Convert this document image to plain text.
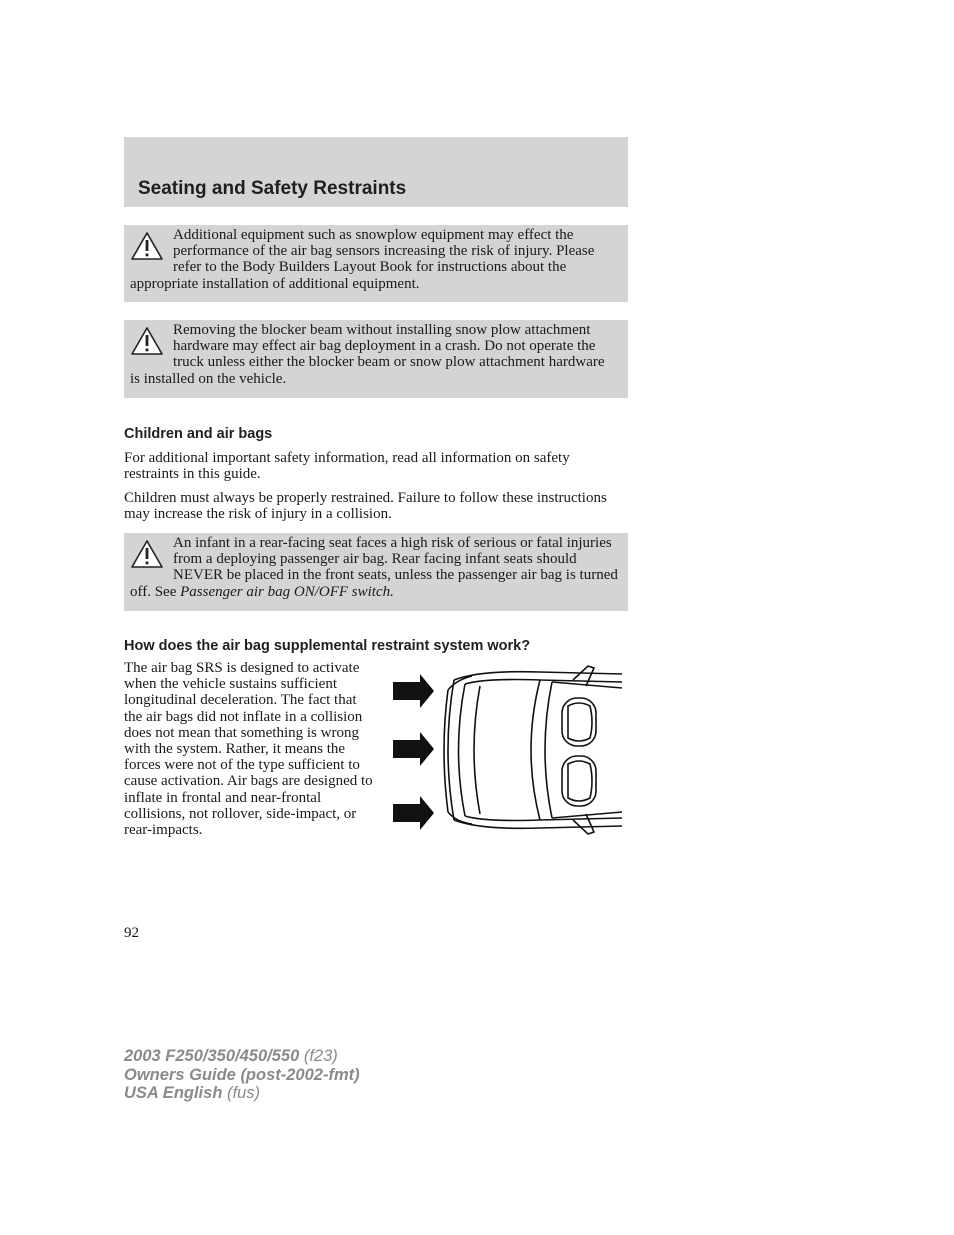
Seating and Safety Restraints

Additional equipment such as snowplow equipment may effect the performance of the air bag sensors increasing the risk of injury. Please refer to the Body Builders Layout Book for instructions about the appropriate installation of additional equipment.

Removing the blocker beam without installing snow plow attachment hardware may effect air bag deployment in a crash. Do not operate the truck unless either the blocker beam or snow plow attachment hardware is installed on the vehicle.

Children and air bags

For additional important safety information, read all information on safety restraints in this guide.

Children must always be properly restrained. Failure to follow these instructions may increase the risk of injury in a collision.

An infant in a rear-facing seat faces a high risk of serious or fatal injuries from a deploying passenger air bag. Rear facing infant seats should NEVER be placed in the front seats, unless the passenger air bag is turned off. See Passenger air bag ON/OFF switch.

How does the air bag supplemental restraint system work?

The air bag SRS is designed to activate when the vehicle sustains sufficient longitudinal deceleration. The fact that the air bags did not inflate in a collision does not mean that something is wrong with the system. Rather, it means the forces were not of the type sufficient to cause activation. Air bags are designed to inflate in frontal and near-frontal collisions, not rollover, side-impact, or rear-impacts.

92
2003 F250/350/450/550 (f23)
Owners Guide (post-2002-fmt)
USA English (fus)
